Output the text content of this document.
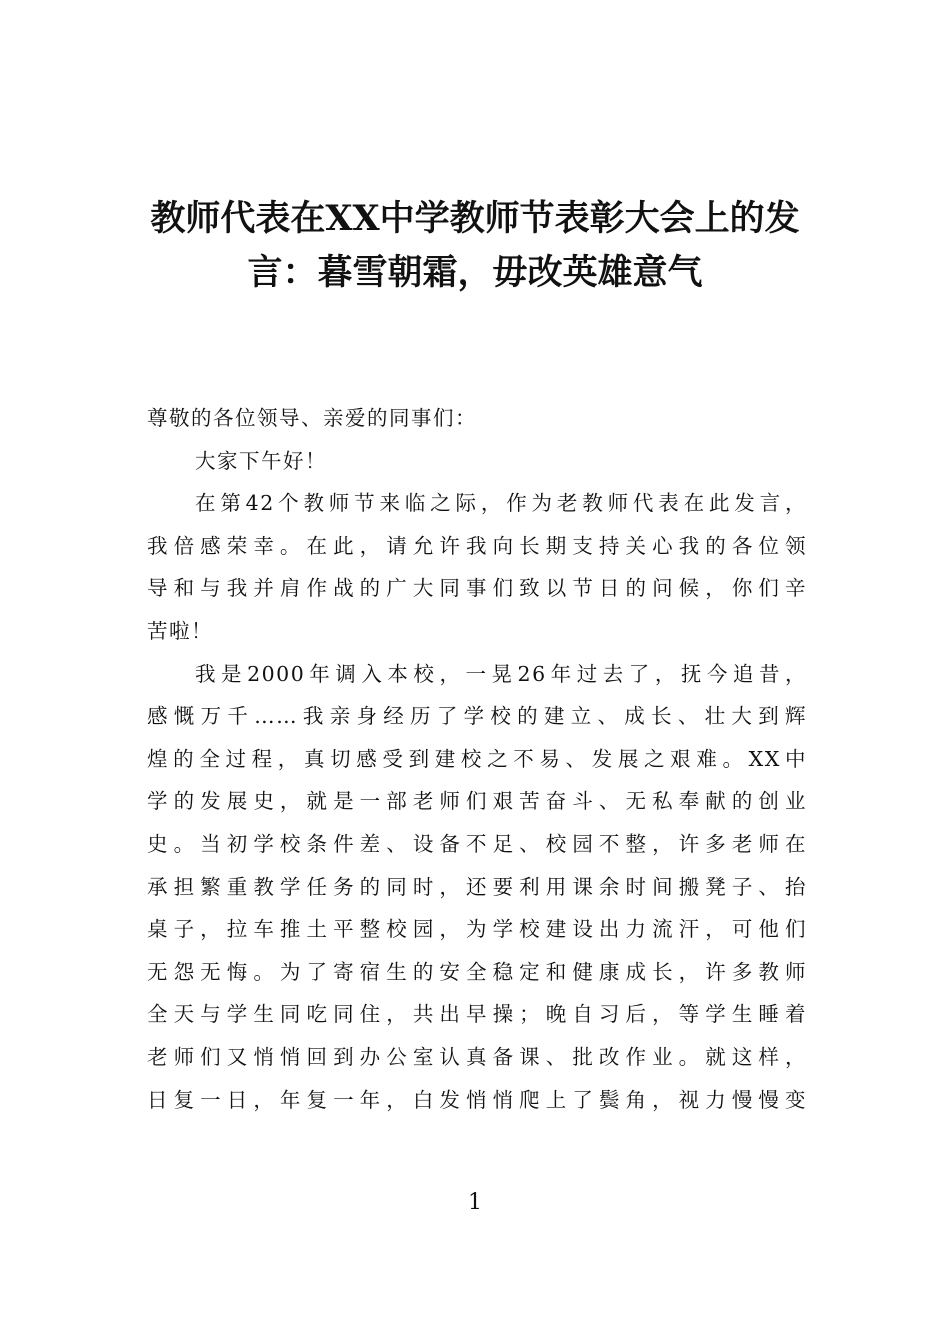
教师代表在XX中学教师节表彰大会上的发
言：暮雪朝霜，毋改英雄意气
尊敬的各位领导、亲爱的同事们：
大家下午好！
在第42个教师节来临之际，作为老教师代表在此发言，
我倍感荣幸。在此，请允许我向长期支持关心我的各位领
导和与我并肩作战的广大同事们致以节日的问候，你们辛
苦啦！
我是2000年调入本校，一晃26年过去了，抚今追昔，
感慨万千……我亲身经历了学校的建立、成长、壮大到辉
煌的全过程，真切感受到建校之不易、发展之艰难。XX中
学的发展史，就是一部老师们艰苦奋斗、无私奉献的创业
史。当初学校条件差、设备不足、校园不整，许多老师在
承担繁重教学任务的同时，还要利用课余时间搬凳子、抬
桌子，拉车推土平整校园，为学校建设出力流汗，可他们
无怨无悔。为了寄宿生的安全稳定和健康成长，许多教师
全天与学生同吃同住，共出早操；晚自习后，等学生睡着
老师们又悄悄回到办公室认真备课、批改作业。就这样，
日复一日，年复一年，白发悄悄爬上了鬓角，视力慢慢变
1
